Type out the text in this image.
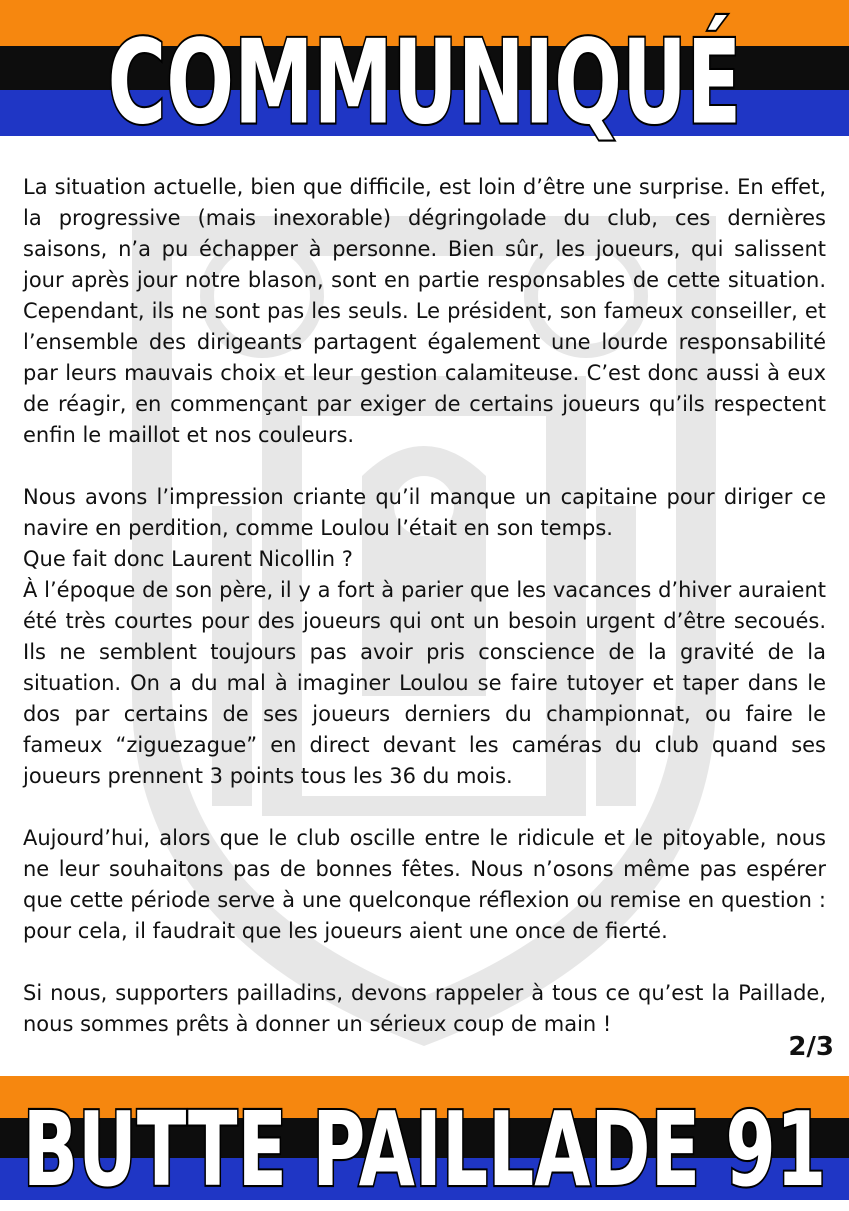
COMMUNIQUÉ

La situation actuelle, bien que difficile, est loin d’être une surprise. En effet, la progressive (mais inexorable) dégringolade du club, ces dernières saisons, n’a pu échapper à personne. Bien sûr, les joueurs, qui salissent jour après jour notre blason, sont en partie responsables de cette situation. Cependant, ils ne sont pas les seuls. Le président, son fameux conseiller, et l’ensemble des dirigeants partagent également une lourde responsabilité par leurs mauvais choix et leur gestion calamiteuse. C’est donc aussi à eux de réagir, en commençant par exiger de certains joueurs qu’ils respectent enfin le maillot et nos couleurs.

Nous avons l’impression criante qu’il manque un capitaine pour diriger ce navire en perdition, comme Loulou l’était en son temps.
Que fait donc Laurent Nicollin ?
À l’époque de son père, il y a fort à parier que les vacances d’hiver auraient été très courtes pour des joueurs qui ont un besoin urgent d’être secoués. Ils ne semblent toujours pas avoir pris conscience de la gravité de la situation. On a du mal à imaginer Loulou se faire tutoyer et taper dans le dos par certains de ses joueurs derniers du championnat, ou faire le fameux “ziguezague” en direct devant les caméras du club quand ses joueurs prennent 3 points tous les 36 du mois.

Aujourd’hui, alors que le club oscille entre le ridicule et le pitoyable, nous ne leur souhaitons pas de bonnes fêtes. Nous n’osons même pas espérer que cette période serve à une quelconque réflexion ou remise en question : pour cela, il faudrait que les joueurs aient une once de fierté.

Si nous, supporters pailladins, devons rappeler à tous ce qu’est la Paillade, nous sommes prêts à donner un sérieux coup de main !

2/3
BUTTE PAILLADE 91
